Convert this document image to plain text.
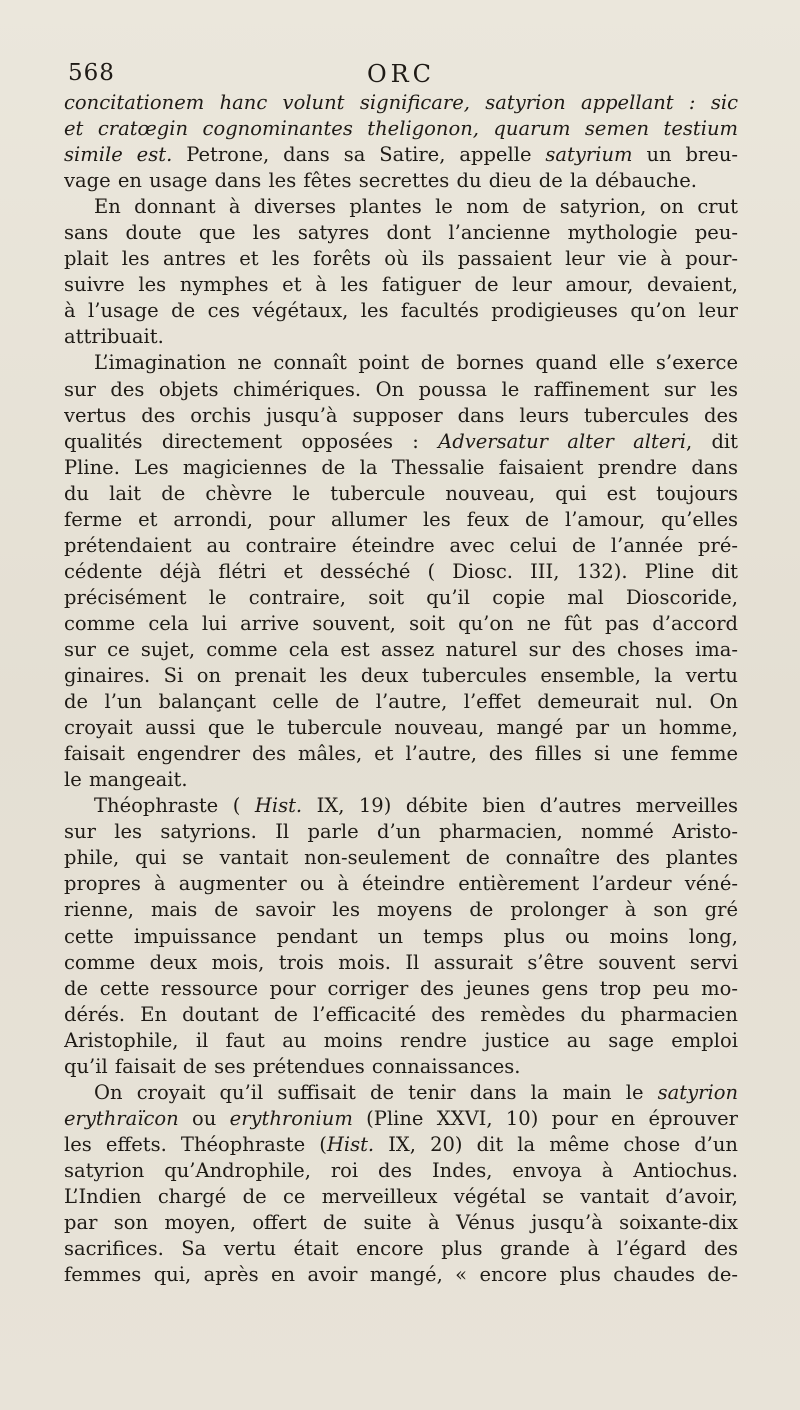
568	ORC
concitationem hanc volunt significare, satyrion appellant : sic
et cratœgin cognominantes theligonon, quarum semen testium
simile est. Petrone, dans sa Satire, appelle satyrium un breu-
vage en usage dans les fêtes secrettes du dieu de la débauche.
En donnant à diverses plantes le nom de satyrion, on crut
sans doute que les satyres dont l’ancienne mythologie peu-
plait les antres et les forêts où ils passaient leur vie à pour-
suivre les nymphes et à les fatiguer de leur amour, devaient,
à l’usage de ces végétaux, les facultés prodigieuses qu’on leur
attribuait.
L’imagination ne connaît point de bornes quand elle s’exerce
sur des objets chimériques. On poussa le raffinement sur les
vertus des orchis jusqu’à supposer dans leurs tubercules des
qualités directement opposées : Adversatur alter alteri, dit
Pline. Les magiciennes de la Thessalie faisaient prendre dans
du lait de chèvre le tubercule nouveau, qui est toujours
ferme et arrondi, pour allumer les feux de l’amour, qu’elles
prétendaient au contraire éteindre avec celui de l’année pré-
cédente déjà flétri et desséché ( Diosc. III, 132). Pline dit
précisément le contraire, soit qu’il copie mal Dioscoride,
comme cela lui arrive souvent, soit qu’on ne fût pas d’accord
sur ce sujet, comme cela est assez naturel sur des choses ima-
ginaires. Si on prenait les deux tubercules ensemble, la vertu
de l’un balançant celle de l’autre, l’effet demeurait nul. On
croyait aussi que le tubercule nouveau, mangé par un homme,
faisait engendrer des mâles, et l’autre, des filles si une femme
le mangeait.
Théophraste ( Hist. IX, 19) débite bien d’autres merveilles
sur les satyrions. Il parle d’un pharmacien, nommé Aristo-
phile, qui se vantait non-seulement de connaître des plantes
propres à augmenter ou à éteindre entièrement l’ardeur véné-
rienne, mais de savoir les moyens de prolonger à son gré
cette impuissance pendant un temps plus ou moins long,
comme deux mois, trois mois. Il assurait s’être souvent servi
de cette ressource pour corriger des jeunes gens trop peu mo-
dérés. En doutant de l’efficacité des remèdes du pharmacien
Aristophile, il faut au moins rendre justice au sage emploi
qu’il faisait de ses prétendues connaissances.
On croyait qu’il suffisait de tenir dans la main le satyrion
erythraïcon ou erythronium (Pline XXVI, 10) pour en éprouver
les effets. Théophraste (Hist. IX, 20) dit la même chose d’un
satyrion qu’Androphile, roi des Indes, envoya à Antiochus.
L’Indien chargé de ce merveilleux végétal se vantait d’avoir,
par son moyen, offert de suite à Vénus jusqu’à soixante-dix
sacrifices. Sa vertu était encore plus grande à l’égard des
femmes qui, après en avoir mangé, « encore plus chaudes de-
